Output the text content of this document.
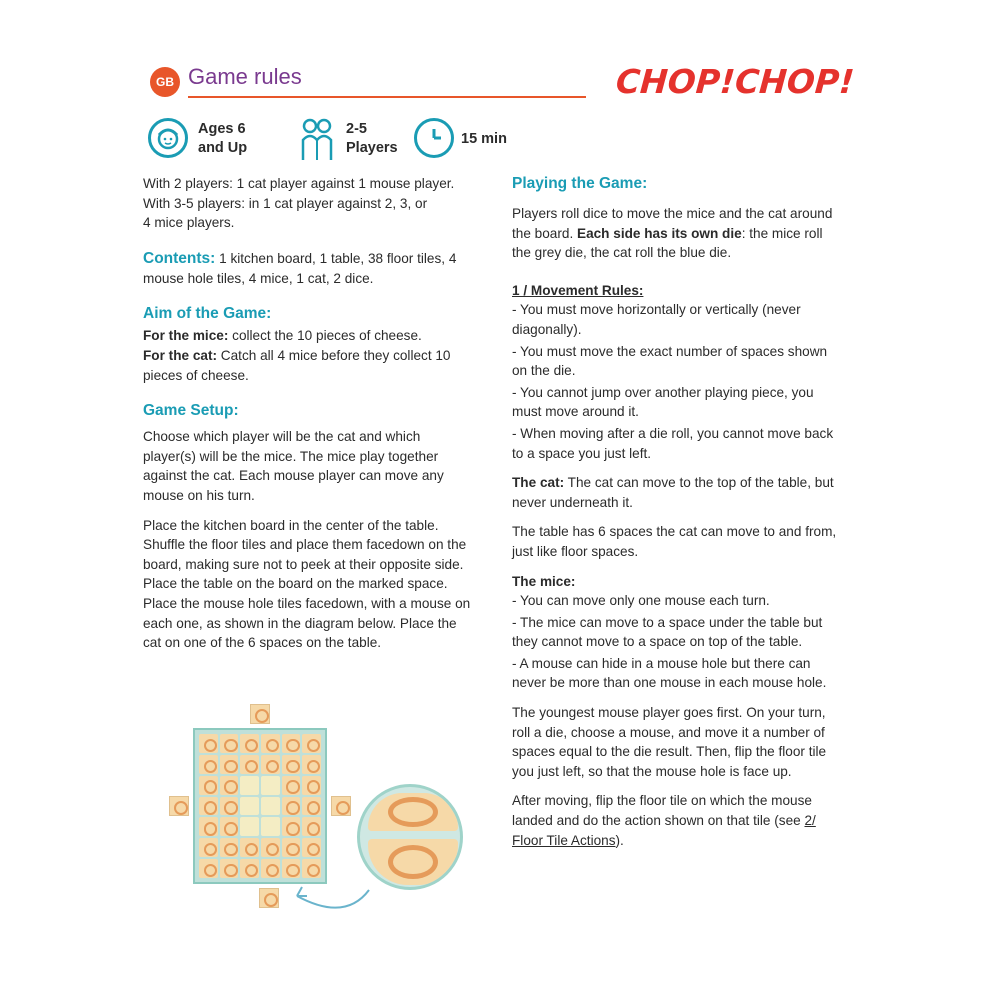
GB Game rules	CHOP!CHOP!
Ages 6
and Up
2-5
Players
15 min
With 2 players: 1 cat player against 1 mouse player.
With 3-5 players: in 1 cat player against 2, 3, or
4 mice players.
Contents: 1 kitchen board, 1 table, 38 floor tiles, 4 mouse hole tiles, 4 mice, 1 cat, 2 dice.
Aim of the Game:
For the mice: collect the 10 pieces of cheese.
For the cat: Catch all 4 mice before they collect 10 pieces of cheese.
Game Setup:
Choose which player will be the cat and which player(s) will be the mice. The mice play together against the cat. Each mouse player can move any mouse on his turn.
Place the kitchen board in the center of the table. Shuffle the floor tiles and place them facedown on the board, making sure not to peek at their opposite side. Place the table on the board on the marked space. Place the mouse hole tiles facedown, with a mouse on each one, as shown in the diagram below. Place the cat on one of the 6 spaces on the table.
Playing the Game:
Players roll dice to move the mice and the cat around the board. Each side has its own die: the mice roll the grey die, the cat roll the blue die.
1 / Movement Rules:
- You must move horizontally or vertically (never diagonally).
- You must move the exact number of spaces shown on the die.
- You cannot jump over another playing piece, you must move around it.
- When moving after a die roll, you cannot move back to a space you just left.
The cat: The cat can move to the top of the table, but never underneath it.
The table has 6 spaces the cat can move to and from, just like floor spaces.
The mice:
- You can move only one mouse each turn.
- The mice can move to a space under the table but they cannot move to a space on top of the table.
- A mouse can hide in a mouse hole but there can never be more than one mouse in each mouse hole.
The youngest mouse player goes first. On your turn, roll a die, choose a mouse, and move it a number of spaces equal to the die result. Then, flip the floor tile you just left, so that the mouse hole is face up.
After moving, flip the floor tile on which the mouse landed and do the action shown on that tile (see 2/ Floor Tile Actions).
